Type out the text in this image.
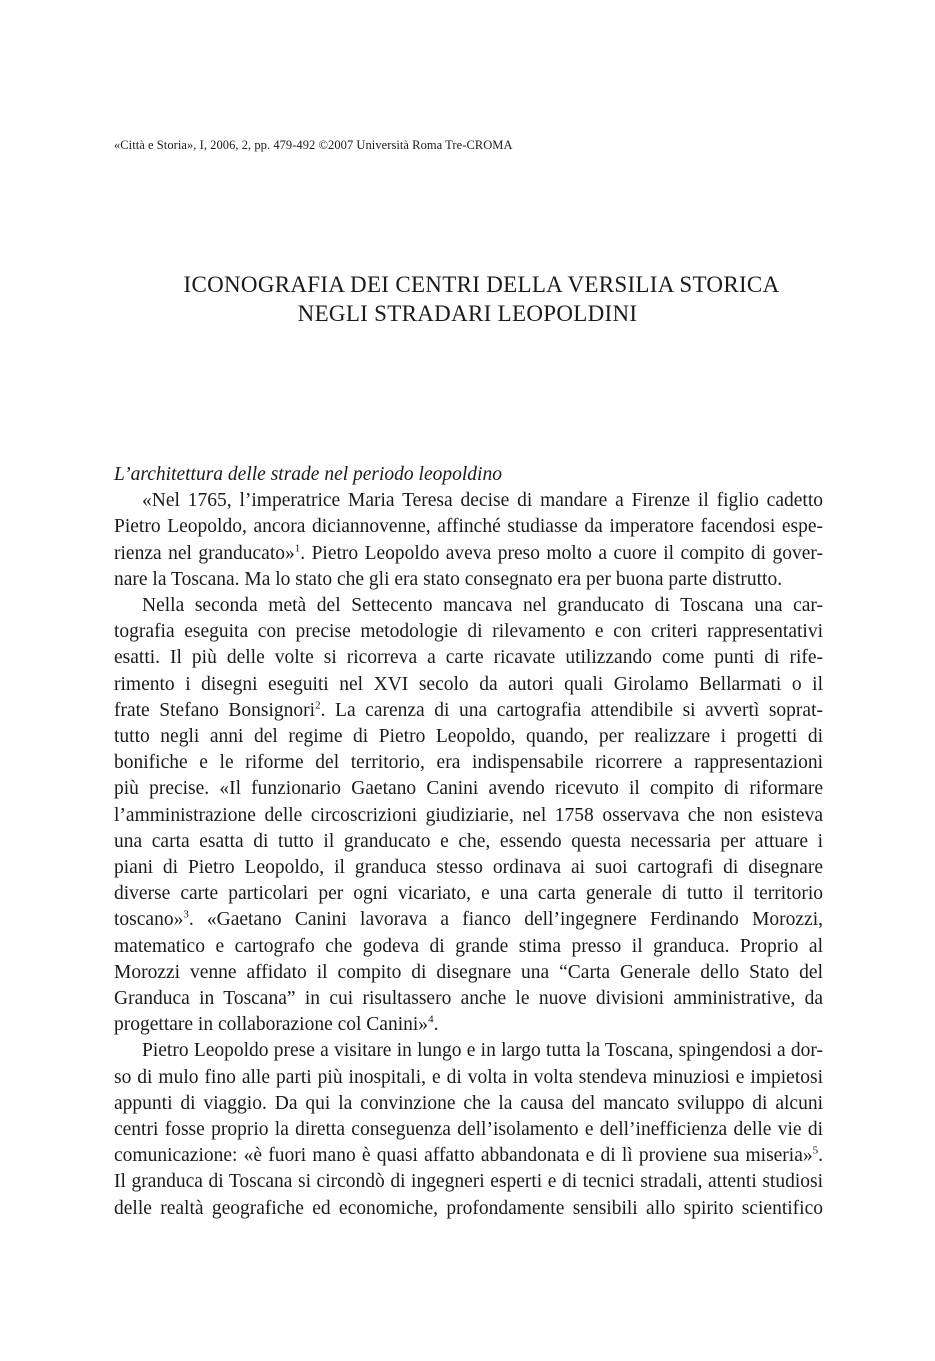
«Città e Storia», I, 2006, 2, pp. 479-492 ©2007 Università Roma Tre-CROMA
ICONOGRAFIA DEI CENTRI DELLA VERSILIA STORICA
NEGLI STRADARI LEOPOLDINI
L’architettura delle strade nel periodo leopoldino

«Nel 1765, l’imperatrice Maria Teresa decise di mandare a Firenze il figlio cadetto
Pietro Leopoldo, ancora diciannovenne, affinché studiasse da imperatore facendosi espe-
rienza nel granducato»$^1$. Pietro Leopoldo aveva preso molto a cuore il compito di gover-
nare la Toscana. Ma lo stato che gli era stato consegnato era per buona parte distrutto.

Nella seconda metà del Settecento mancava nel granducato di Toscana una car-
tografia eseguita con precise metodologie di rilevamento e con criteri rappresentativi
esatti. Il più delle volte si ricorreva a carte ricavate utilizzando come punti di rife-
rimento i disegni eseguiti nel XVI secolo da autori quali Girolamo Bellarmati o il
frate Stefano Bonsignori$^2$. La carenza di una cartografia attendibile si avvertì soprat-
tutto negli anni del regime di Pietro Leopoldo, quando, per realizzare i progetti di
bonifiche e le riforme del territorio, era indispensabile ricorrere a rappresentazioni
più precise. «Il funzionario Gaetano Canini avendo ricevuto il compito di riformare
l’amministrazione delle circoscrizioni giudiziarie, nel 1758 osservava che non esisteva
una carta esatta di tutto il granducato e che, essendo questa necessaria per attuare i
piani di Pietro Leopoldo, il granduca stesso ordinava ai suoi cartografi di disegnare
diverse carte particolari per ogni vicariato, e una carta generale di tutto il territorio
toscano»$^3$. «Gaetano Canini lavorava a fianco dell’ingegnere Ferdinando Morozzi,
matematico e cartografo che godeva di grande stima presso il granduca. Proprio al
Morozzi venne affidato il compito di disegnare una “Carta Generale dello Stato del
Granduca in Toscana” in cui risultassero anche le nuove divisioni amministrative, da
progettare in collaborazione col Canini»$^4$.

Pietro Leopoldo prese a visitare in lungo e in largo tutta la Toscana, spingendosi a dor-
so di mulo fino alle parti più inospitali, e di volta in volta stendeva minuziosi e impietosi
appunti di viaggio. Da qui la convinzione che la causa del mancato sviluppo di alcuni
centri fosse proprio la diretta conseguenza dell’isolamento e dell’inefficienza delle vie di
comunicazione: «è fuori mano è quasi affatto abbandonata e di lì proviene sua miseria»$^5$.
Il granduca di Toscana si circondò di ingegneri esperti e di tecnici stradali, attenti studiosi
delle realtà geografiche ed economiche, profondamente sensibili allo spirito scientifico
